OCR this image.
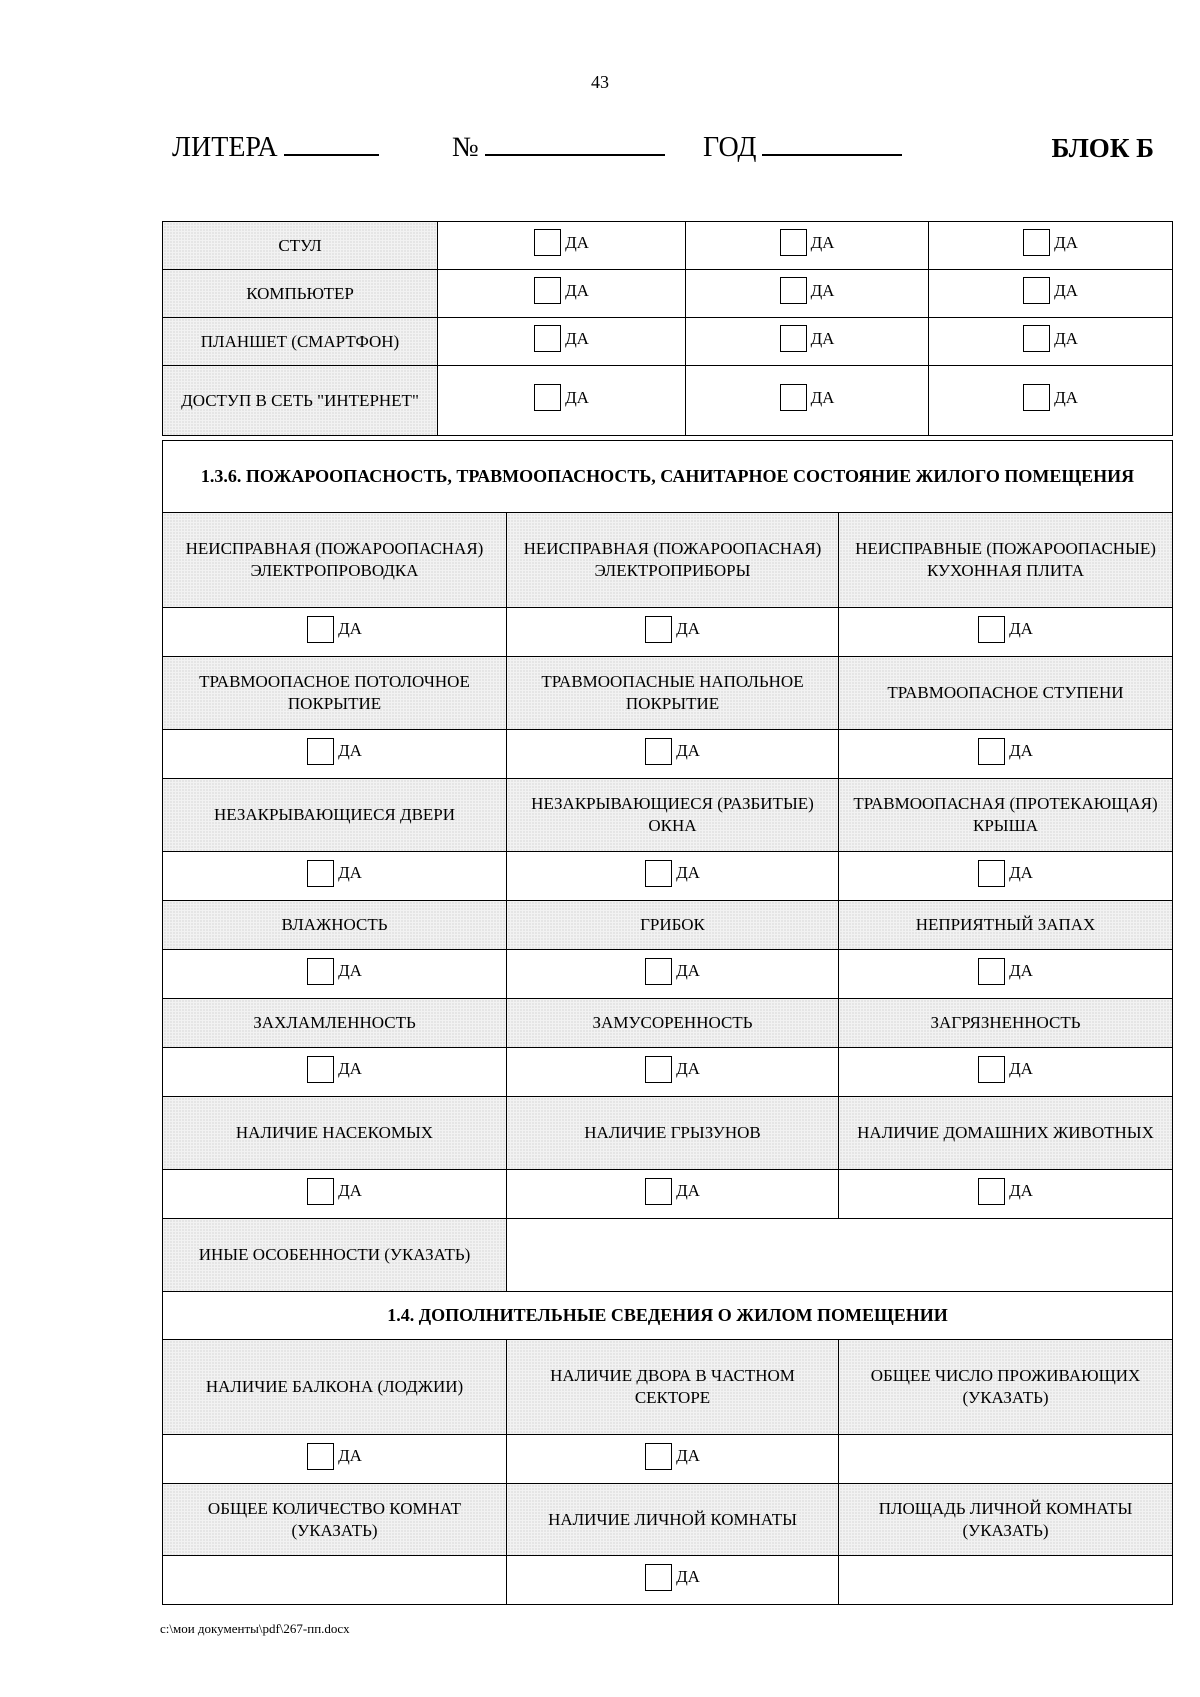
43
ЛИТЕРА	№	ГОД	БЛОК Б
СТУЛ	ДА	ДА	ДА

КОМПЬЮТЕР	ДА	ДА	ДА

ПЛАНШЕТ (СМАРТФОН)	ДА	ДА	ДА

ДОСТУП В СЕТЬ "ИНТЕРНЕТ"	ДА	ДА	ДА
1.3.6. ПОЖАРООПАСНОСТЬ, ТРАВМООПАСНОСТЬ, САНИТАРНОЕ СОСТОЯНИЕ ЖИЛОГО ПОМЕЩЕНИЯ		
НЕИСПРАВНАЯ (ПОЖАРООПАСНАЯ) ЭЛЕКТРОПРОВОДКА	НЕИСПРАВНАЯ (ПОЖАРООПАСНАЯ) ЭЛЕКТРОПРИБОРЫ	НЕИСПРАВНЫЕ (ПОЖАРООПАСНЫЕ) КУХОННАЯ ПЛИТА

ДА	ДА	ДА

ТРАВМООПАСНОЕ ПОТОЛОЧНОЕ ПОКРЫТИЕ	ТРАВМООПАСНЫЕ НАПОЛЬНОЕ ПОКРЫТИЕ	ТРАВМООПАСНОЕ СТУПЕНИ

ДА	ДА	ДА

НЕЗАКРЫВАЮЩИЕСЯ ДВЕРИ	НЕЗАКРЫВАЮЩИЕСЯ (РАЗБИТЫЕ) ОКНА	ТРАВМООПАСНАЯ (ПРОТЕКАЮЩАЯ) КРЫША

ДА	ДА	ДА

ВЛАЖНОСТЬ	ГРИБОК	НЕПРИЯТНЫЙ ЗАПАХ

ДА	ДА	ДА

ЗАХЛАМЛЕННОСТЬ	ЗАМУСОРЕННОСТЬ	ЗАГРЯЗНЕННОСТЬ

ДА	ДА	ДА

НАЛИЧИЕ НАСЕКОМЫХ	НАЛИЧИЕ ГРЫЗУНОВ	НАЛИЧИЕ ДОМАШНИХ ЖИВОТНЫХ

ДА	ДА	ДА

ИНЫЕ ОСОБЕННОСТИ (УКАЗАТЬ)		
1.4. ДОПОЛНИТЕЛЬНЫЕ СВЕДЕНИЯ О ЖИЛОМ ПОМЕЩЕНИИ		
НАЛИЧИЕ БАЛКОНА (ЛОДЖИИ)	НАЛИЧИЕ ДВОРА В ЧАСТНОМ СЕКТОРЕ	ОБЩЕЕ ЧИСЛО ПРОЖИВАЮЩИХ (УКАЗАТЬ)

ДА	ДА	

ОБЩЕЕ КОЛИЧЕСТВО КОМНАТ (УКАЗАТЬ)	НАЛИЧИЕ ЛИЧНОЙ КОМНАТЫ	ПЛОЩАДЬ ЛИЧНОЙ КОМНАТЫ (УКАЗАТЬ)

	ДА	

c:\мои документы\pdf\267-пп.docx
